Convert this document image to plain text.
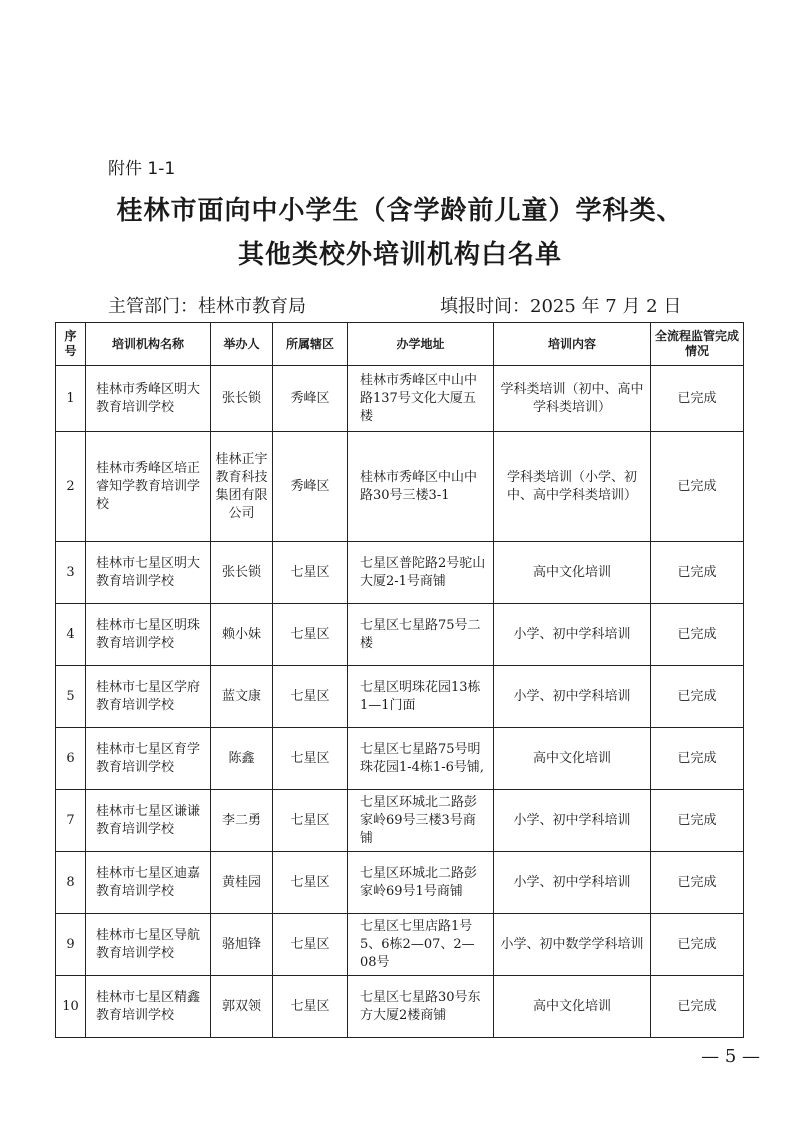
附件 1-1
桂林市面向中小学生（含学龄前儿童）学科类、
其他类校外培训机构白名单
主管部门：桂林市教育局	填报时间：2025 年 7 月 2 日
序号	培训机构名称	举办人	所属辖区	办学地址	培训内容	全流程监管完成情况
1	桂林市秀峰区明大教育培训学校	张长锁	秀峰区	桂林市秀峰区中山中路137号文化大厦五楼	学科类培训（初中、高中学科类培训）	已完成
2	桂林市秀峰区培正睿知学教育培训学校	桂林正宇教育科技集团有限公司	秀峰区	桂林市秀峰区中山中路30号三楼3-1	学科类培训（小学、初中、高中学科类培训）	已完成
3	桂林市七星区明大教育培训学校	张长锁	七星区	七星区普陀路2号驼山大厦2-1号商铺	高中文化培训	已完成
4	桂林市七星区明珠教育培训学校	赖小妹	七星区	七星区七星路75号二楼	小学、初中学科培训	已完成
5	桂林市七星区学府教育培训学校	蓝文康	七星区	七星区明珠花园13栋1—1门面	小学、初中学科培训	已完成
6	桂林市七星区育学教育培训学校	陈鑫	七星区	七星区七星路75号明珠花园1-4栋1-6号铺,	高中文化培训	已完成
7	桂林市七星区谦谦教育培训学校	李二勇	七星区	七星区环城北二路彭家岭69号三楼3号商铺	小学、初中学科培训	已完成
8	桂林市七星区迪嘉教育培训学校	黄桂园	七星区	七星区环城北二路彭家岭69号1号商铺	小学、初中学科培训	已完成
9	桂林市七星区导航教育培训学校	骆旭锋	七星区	七星区七里店路1号5、6栋2—07、2—08号	小学、初中数学学科培训	已完成
10	桂林市七星区精鑫教育培训学校	郭双领	七星区	七星区七星路30号东方大厦2楼商铺	高中文化培训	已完成
— 5 —
